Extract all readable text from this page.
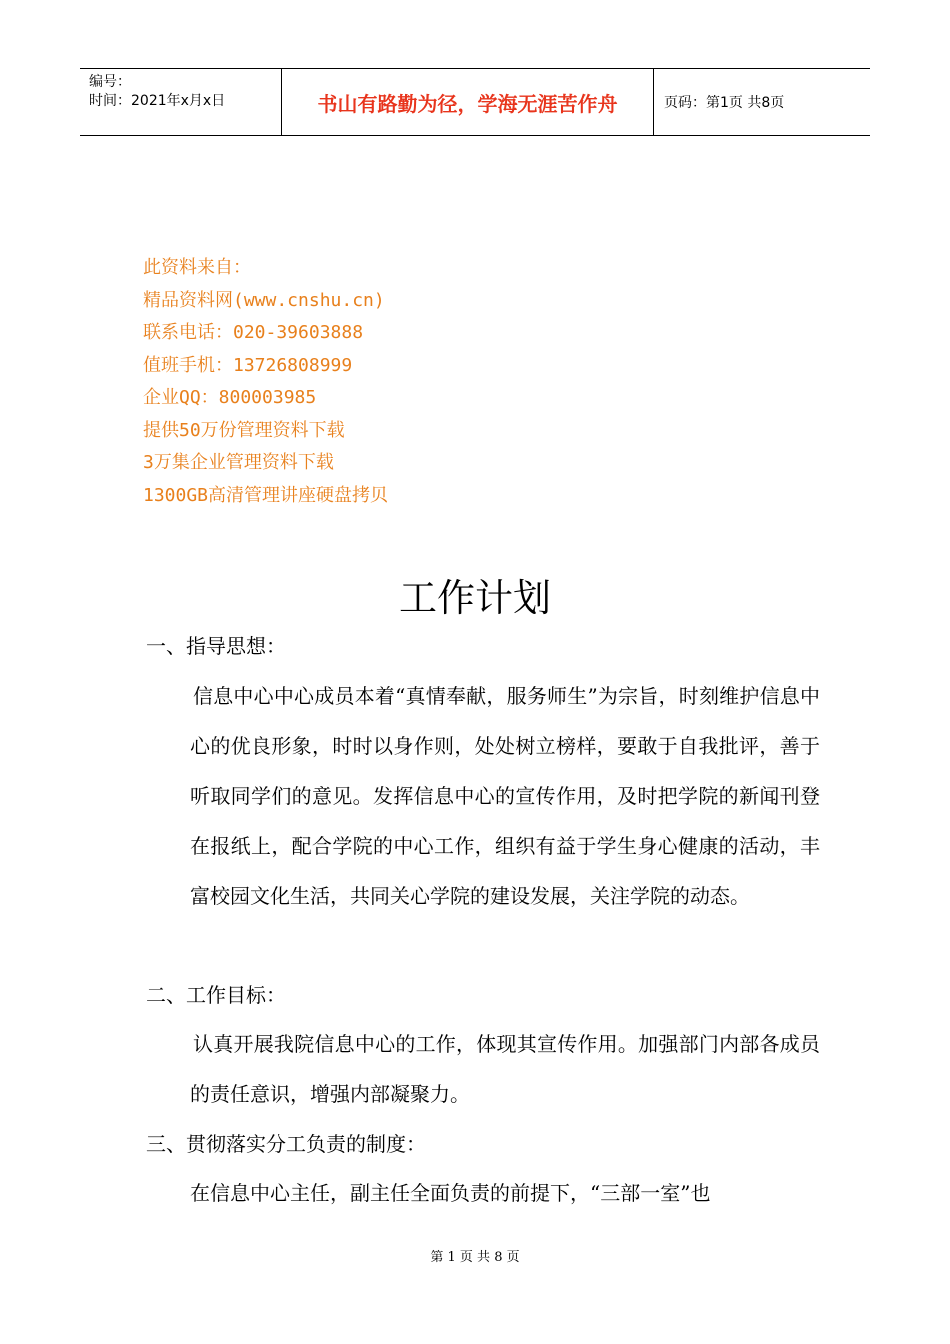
编号：
时间：2021年x月x日	书山有路勤为径，学海无涯苦作舟	页码：第1页 共8页
此资料来自：
精品资料网(www.cnshu.cn)
联系电话：020-39603888
值班手机：13726808999
企业QQ：800003985
提供50万份管理资料下载
3万集企业管理资料下载
1300GB高清管理讲座硬盘拷贝
工作计划
一、指导思想：
信息中心中心成员本着“真情奉献，服务师生”为宗旨，时刻维护信息中心的优良形象，时时以身作则，处处树立榜样，要敢于自我批评，善于听取同学们的意见。发挥信息中心的宣传作用，及时把学院的新闻刊登在报纸上，配合学院的中心工作，组织有益于学生身心健康的活动，丰富校园文化生活，共同关心学院的建设发展，关注学院的动态。
二、工作目标：
认真开展我院信息中心的工作，体现其宣传作用。加强部门内部各成员的责任意识，增强内部凝聚力。
三、贯彻落实分工负责的制度：
在信息中心主任，副主任全面负责的前提下，“三部一室”也
第 1 页 共 8 页
